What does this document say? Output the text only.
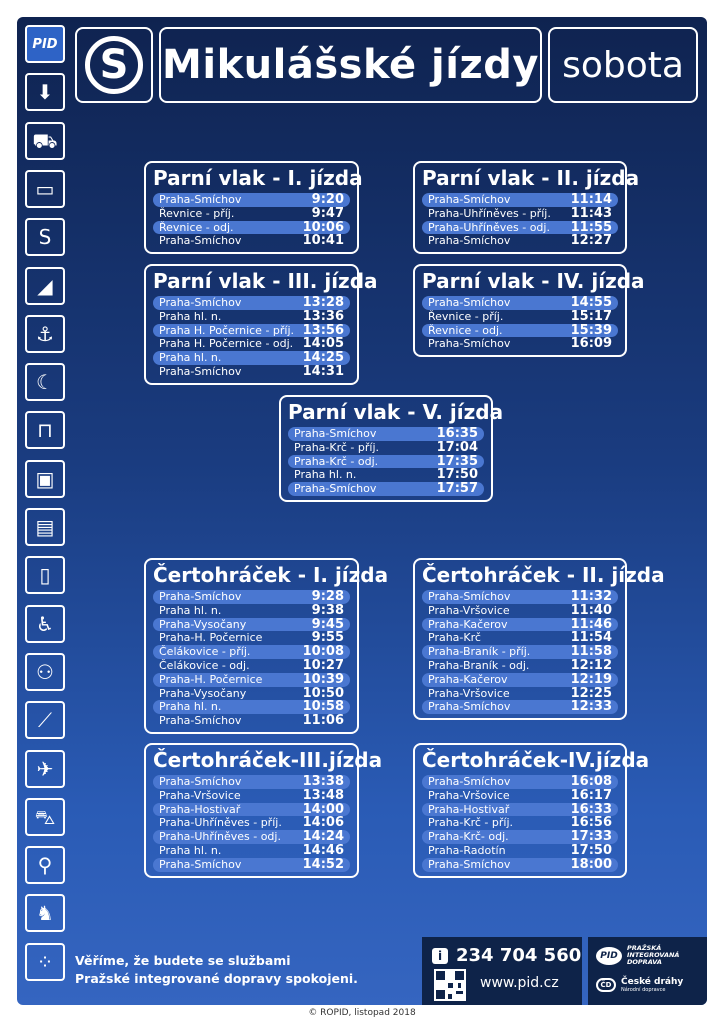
PID
⬇
⛟
▭
S
◢
⚓
☾
⊓
▣
▤
▯
♿
⚇
⟋
✈
⛍
⚲
♞
⁘
S Mikulášské jízdy sobota
Parní vlak - I. jízda
Praha-Smíchov	9:20
Řevnice - příj.	9:47
Řevnice - odj.	10:06
Praha-Smíchov	10:41
Parní vlak - II. jízda
Praha-Smíchov	11:14
Praha-Uhříněves - příj. 11:43
Praha-Uhříněves - odj. 11:55
Praha-Smíchov	12:27
Parní vlak - III. jízda
Praha-Smíchov	13:28
Praha hl. n.	13:36
Praha H. Počernice - příj. 13:56
Praha H. Počernice - odj. 14:05
Praha hl. n.	14:25
Praha-Smíchov	14:31
Parní vlak - IV. jízda
Praha-Smíchov	14:55
Řevnice - příj.	15:17
Řevnice - odj.	15:39
Praha-Smíchov	16:09
Parní vlak - V. jízda
Praha-Smíchov	16:35
Praha-Krč - příj.	17:04
Praha-Krč - odj.	17:35
Praha hl. n.	17:50
Praha-Smíchov	17:57
Čertohráček - I. jízda
Praha-Smíchov	9:28
Praha hl. n.	9:38
Praha-Vysočany	9:45
Praha-H. Počernice	9:55
Čelákovice - příj.	10:08
Čelákovice - odj.	10:27
Praha-H. Počernice	10:39
Praha-Vysočany	10:50
Praha hl. n.	10:58
Praha-Smíchov	11:06
Čertohráček - II. jízda
Praha-Smíchov	11:32
Praha-Vršovice	11:40
Praha-Kačerov	11:46
Praha-Krč	11:54
Praha-Braník - příj.	11:58
Praha-Braník - odj.	12:12
Praha-Kačerov	12:19
Praha-Vršovice	12:25
Praha-Smíchov	12:33
Čertohráček-III.jízda
Praha-Smíchov	13:38
Praha-Vršovice	13:48
Praha-Hostivař	14:00
Praha-Uhříněves - příj. 14:06
Praha-Uhříněves - odj. 14:24
Praha hl. n.	14:46
Praha-Smíchov	14:52
Čertohráček-IV.jízda
Praha-Smíchov	16:08
Praha-Vršovice	16:17
Praha-Hostivař	16:33
Praha-Krč - příj.	16:56
Praha-Krč- odj.	17:33
Praha-Radotín	17:50
Praha-Smíchov	18:00
Věříme, že budete se službami
Pražské integrované dopravy spokojeni.
i 234 704 560
www.pid.cz
PID
PRAŽSKÁ
INTEGROVANÁ
DOPRAVA
ČD	České dráhy
Národní dopravce
© ROPID, listopad 2018
